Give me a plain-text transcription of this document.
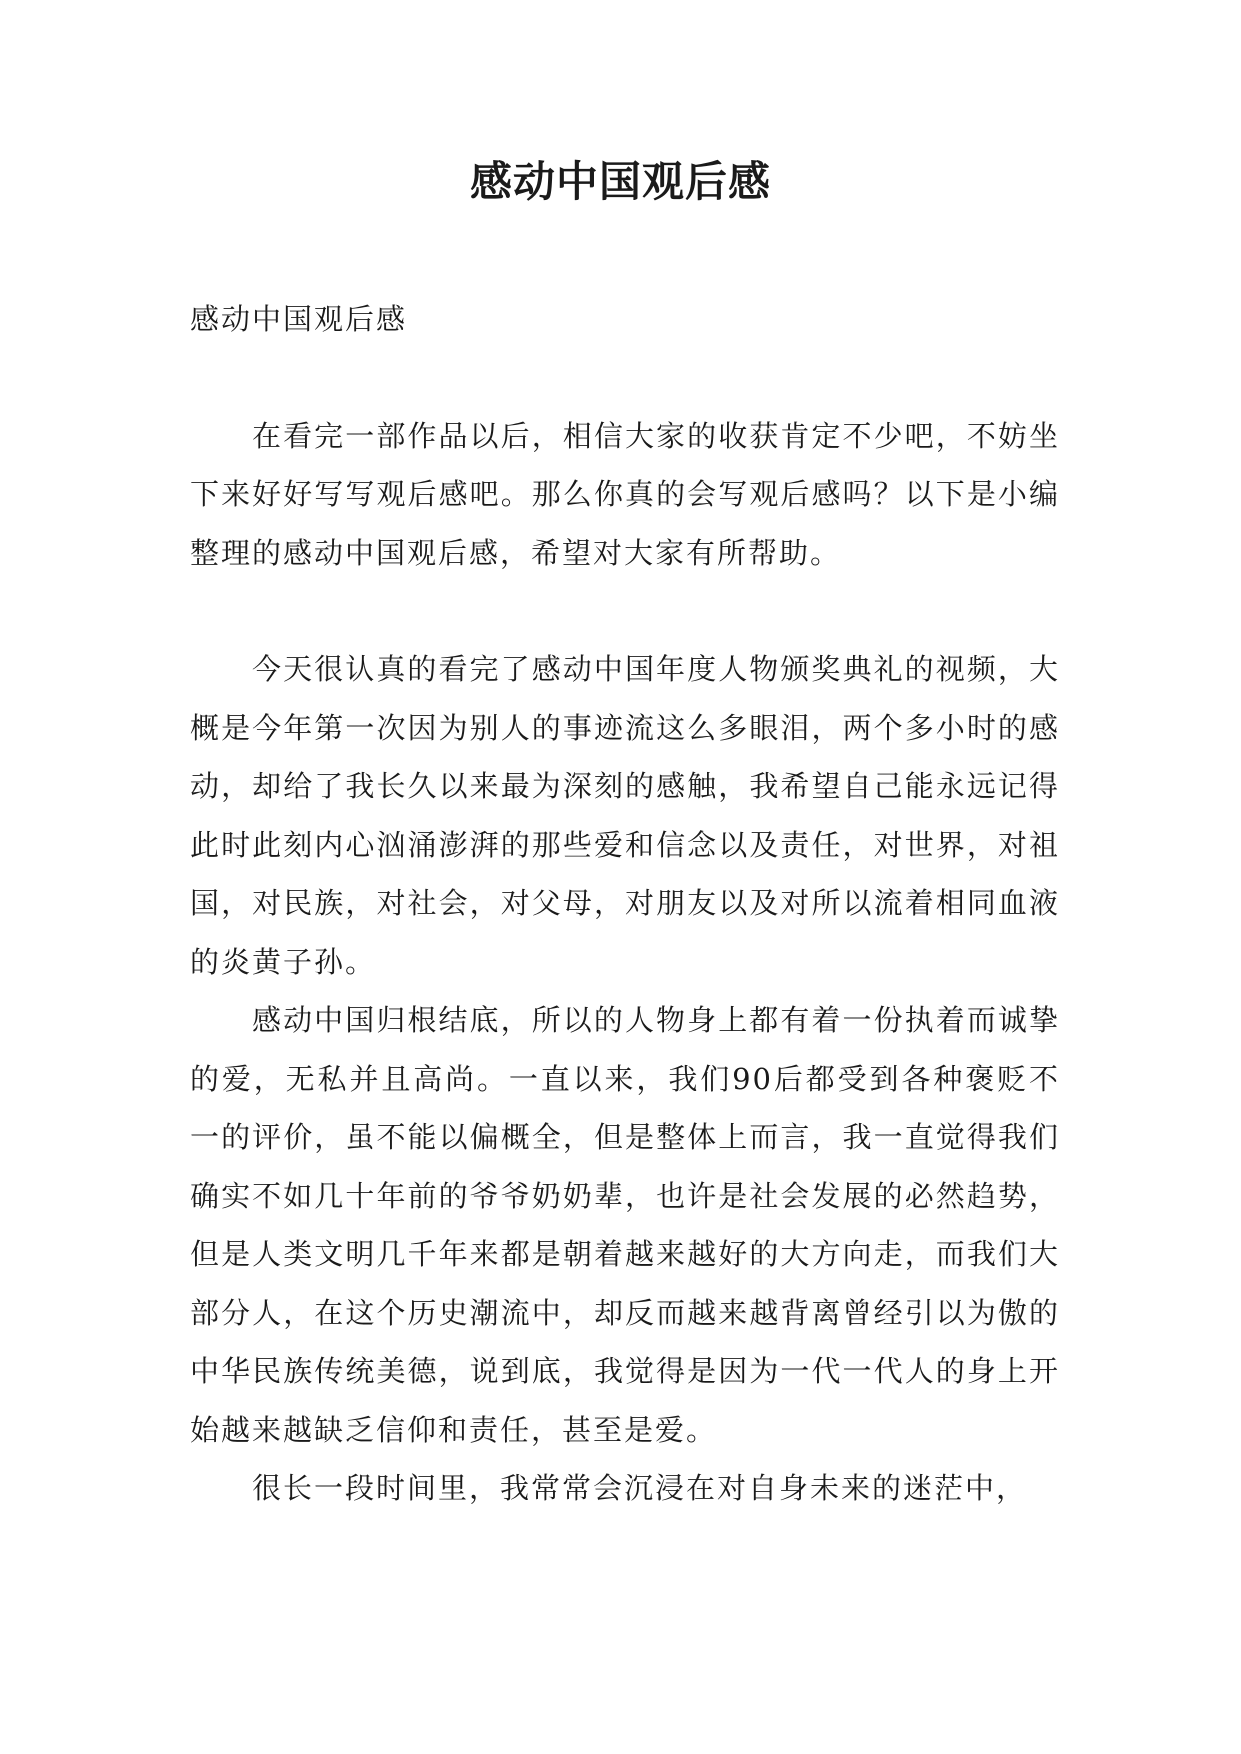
感动中国观后感

感动中国观后感

在看完一部作品以后，相信大家的收获肯定不少吧，不妨坐下来好好写写观后感吧。那么你真的会写观后感吗？以下是小编整理的感动中国观后感，希望对大家有所帮助。

今天很认真的看完了感动中国年度人物颁奖典礼的视频，大概是今年第一次因为别人的事迹流这么多眼泪，两个多小时的感动，却给了我长久以来最为深刻的感触，我希望自己能永远记得此时此刻内心汹涌澎湃的那些爱和信念以及责任，对世界，对祖国，对民族，对社会，对父母，对朋友以及对所以流着相同血液的炎黄子孙。

感动中国归根结底，所以的人物身上都有着一份执着而诚挚的爱，无私并且高尚。一直以来，我们90后都受到各种褒贬不一的评价，虽不能以偏概全，但是整体上而言，我一直觉得我们确实不如几十年前的爷爷奶奶辈，也许是社会发展的必然趋势，但是人类文明几千年来都是朝着越来越好的大方向走，而我们大部分人，在这个历史潮流中，却反而越来越背离曾经引以为傲的中华民族传统美德，说到底，我觉得是因为一代一代人的身上开始越来越缺乏信仰和责任，甚至是爱。

很长一段时间里，我常常会沉浸在对自身未来的迷茫中，
